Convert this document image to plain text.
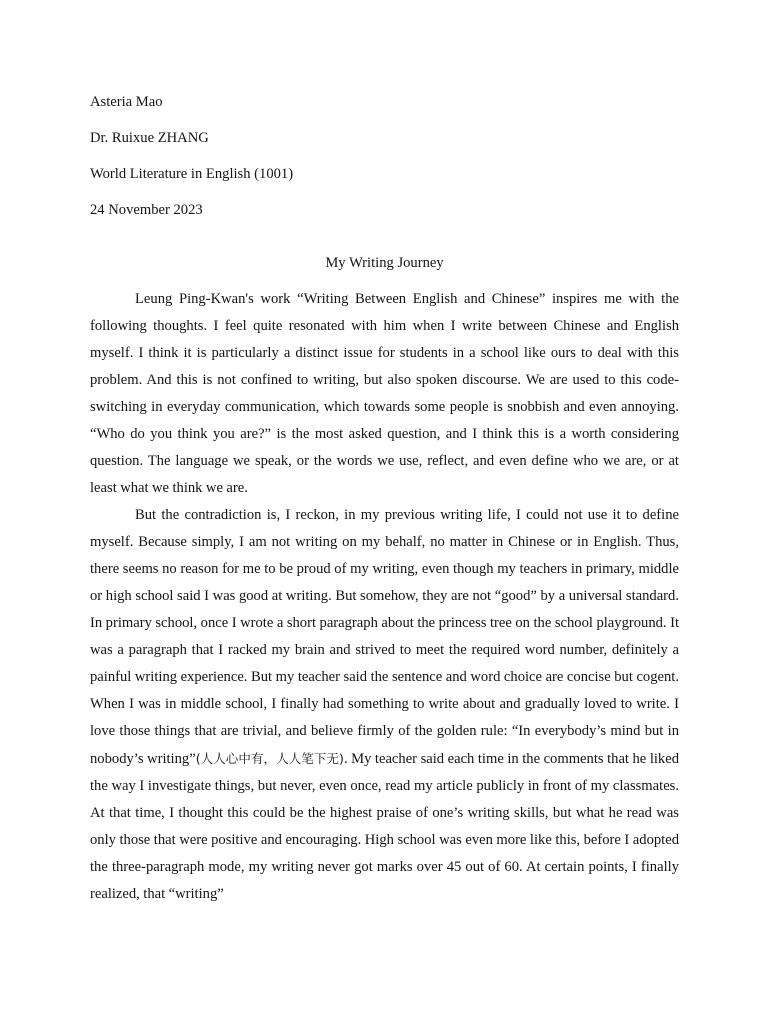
Asteria Mao
Dr. Ruixue ZHANG
World Literature in English (1001)
24 November 2023
My Writing Journey

Leung Ping-Kwan's work “Writing Between English and Chinese” inspires me with the following thoughts. I feel quite resonated with him when I write between Chinese and English myself. I think it is particularly a distinct issue for students in a school like ours to deal with this problem. And this is not confined to writing, but also spoken discourse. We are used to this code-switching in everyday communication, which towards some people is snobbish and even annoying. “Who do you think you are?” is the most asked question, and I think this is a worth considering question. The language we speak, or the words we use, reflect, and even define who we are, or at least what we think we are.

But the contradiction is, I reckon, in my previous writing life, I could not use it to define myself. Because simply, I am not writing on my behalf, no matter in Chinese or in English. Thus, there seems no reason for me to be proud of my writing, even though my teachers in primary, middle or high school said I was good at writing. But somehow, they are not “good” by a universal standard. In primary school, once I wrote a short paragraph about the princess tree on the school playground. It was a paragraph that I racked my brain and strived to meet the required word number, definitely a painful writing experience. But my teacher said the sentence and word choice are concise but cogent. When I was in middle school, I finally had something to write about and gradually loved to write. I love those things that are trivial, and believe firmly of the golden rule: “In everybody’s mind but in nobody’s writing”(人人心中有，人人笔下无). My teacher said each time in the comments that he liked the way I investigate things, but never, even once, read my article publicly in front of my classmates. At that time, I thought this could be the highest praise of one’s writing skills, but what he read was only those that were positive and encouraging. High school was even more like this, before I adopted the three-paragraph mode, my writing never got marks over 45 out of 60. At certain points, I finally realized, that “writing”
